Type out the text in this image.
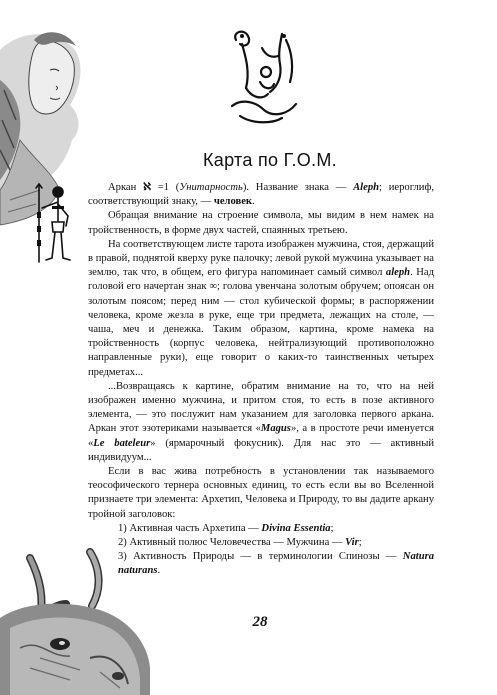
Карта по Г.О.М.

Аркан ℵ =1 (Унитарность). Название знака — Aleph; иероглиф, соответствующий знаку, — человек.

Обращая внимание на строение символа, мы видим в нем намек на тройственность, в форме двух частей, спаянных третьею.

На соответствующем листе тарота изображен мужчина, стоя, держащий в правой, поднятой кверху руке палочку; левой рукой мужчина указывает на землю, так что, в общем, его фигура напоминает самый символ aleph. Над головой его начертан знак ∞; голова увенчана золотым обручем; опоясан он золотым поясом; перед ним — стол кубической формы; в распоряжении человека, кроме жезла в руке, еще три предмета, лежащих на столе, — чаша, меч и денежка. Таким образом, картина, кроме намека на тройственность (корпус человека, нейтрализующий противоположно направленные руки), еще говорит о каких-то таинственных четырех предметах...

...Возвращаясь к картине, обратим внимание на то, что на ней изображен именно мужчина, и притом стоя, то есть в позе активного элемента, — это послужит нам указанием для заголовка первого аркана. Аркан этот эзотериками называется «Magus», а в простоте речи именуется «Le bateleur» (ярмарочный фокусник). Для нас это — активный индивидуум...

Если в вас жива потребность в установлении так называемого теософического тернера основных единиц, то есть если вы во Вселенной признаете три элемента: Архетип, Человека и Природу, то вы дадите аркану тройной заголовок:

1) Активная часть Архетипа — Divina Essentia;

2) Активный полюс Человечества — Мужчина — Vir;

3) Активность Природы — в терминологии Спинозы — Natura naturans.

28
